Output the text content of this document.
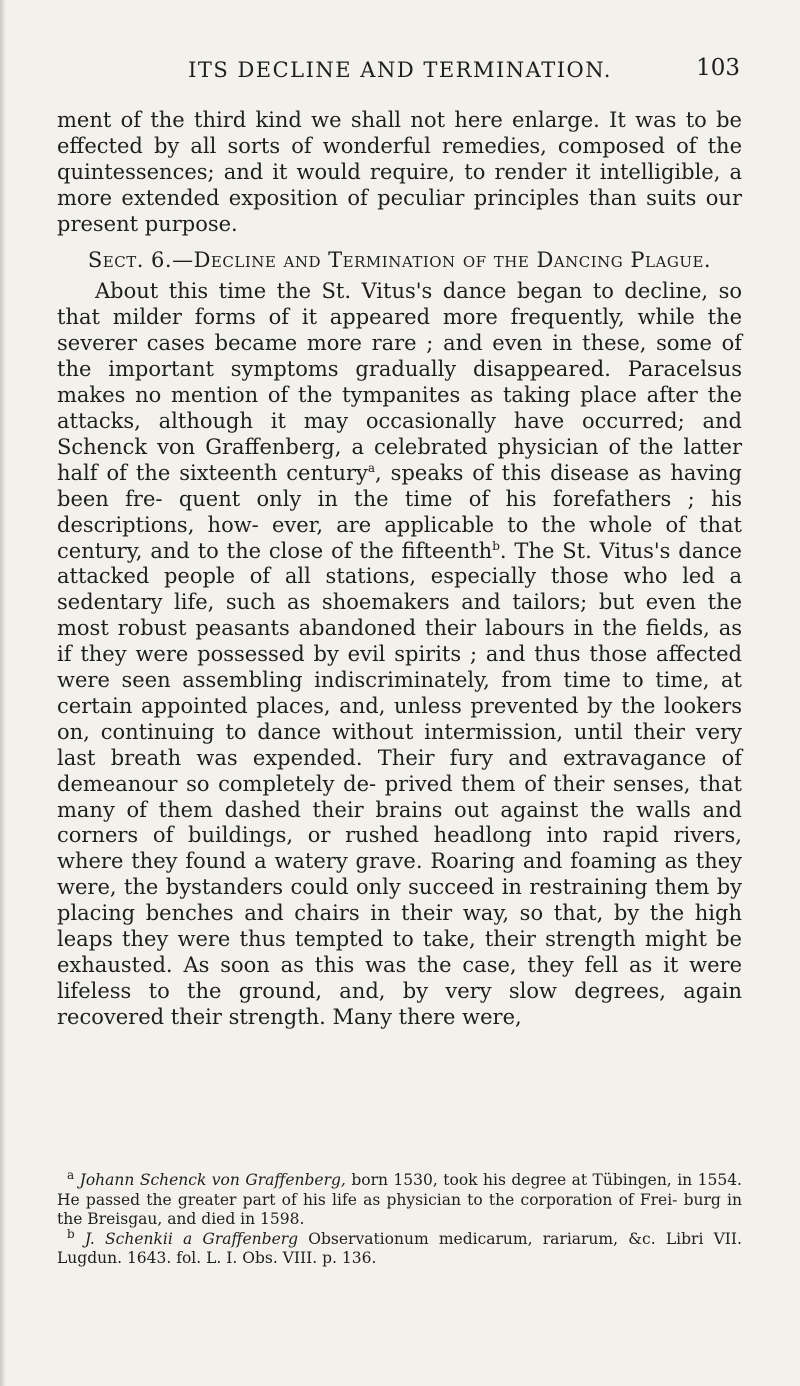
ITS DECLINE AND TERMINATION.	103

ment of the third kind we shall not here enlarge. It was to be effected by all sorts of wonderful remedies, composed of the quintessences; and it would require, to render it intelligible, a more extended exposition of peculiar principles than suits our present purpose.

Sect. 6.—Decline and Termination of the Dancing Plague.

About this time the St. Vitus's dance began to decline, so that milder forms of it appeared more frequently, while the severer cases became more rare ; and even in these, some of the important symptoms gradually disappeared. Paracelsus makes no mention of the tympanites as taking place after the attacks, although it may occasionally have occurred; and Schenck von Graffenberg, a celebrated physician of the latter half of the sixteenth century$^a$, speaks of this disease as having been fre- quent only in the time of his forefathers ; his descriptions, how- ever, are applicable to the whole of that century, and to the close of the fifteenth$^b$. The St. Vitus's dance attacked people of all stations, especially those who led a sedentary life, such as shoemakers and tailors; but even the most robust peasants abandoned their labours in the fields, as if they were possessed by evil spirits ; and thus those affected were seen assembling indiscriminately, from time to time, at certain appointed places, and, unless prevented by the lookers on, continuing to dance without intermission, until their very last breath was expended. Their fury and extravagance of demeanour so completely de- prived them of their senses, that many of them dashed their brains out against the walls and corners of buildings, or rushed headlong into rapid rivers, where they found a watery grave. Roaring and foaming as they were, the bystanders could only succeed in restraining them by placing benches and chairs in their way, so that, by the high leaps they were thus tempted to take, their strength might be exhausted. As soon as this was the case, they fell as it were lifeless to the ground, and, by very slow degrees, again recovered their strength. Many there were,

$^a$ Johann Schenck von Graffenberg, born 1530, took his degree at Tübingen, in 1554. He passed the greater part of his life as physician to the corporation of Frei- burg in the Breisgau, and died in 1598.

$^b$ J. Schenkii a Graffenberg Observationum medicarum, rariarum, &c. Libri VII. Lugdun. 1643. fol. L. I. Obs. VIII. p. 136.
